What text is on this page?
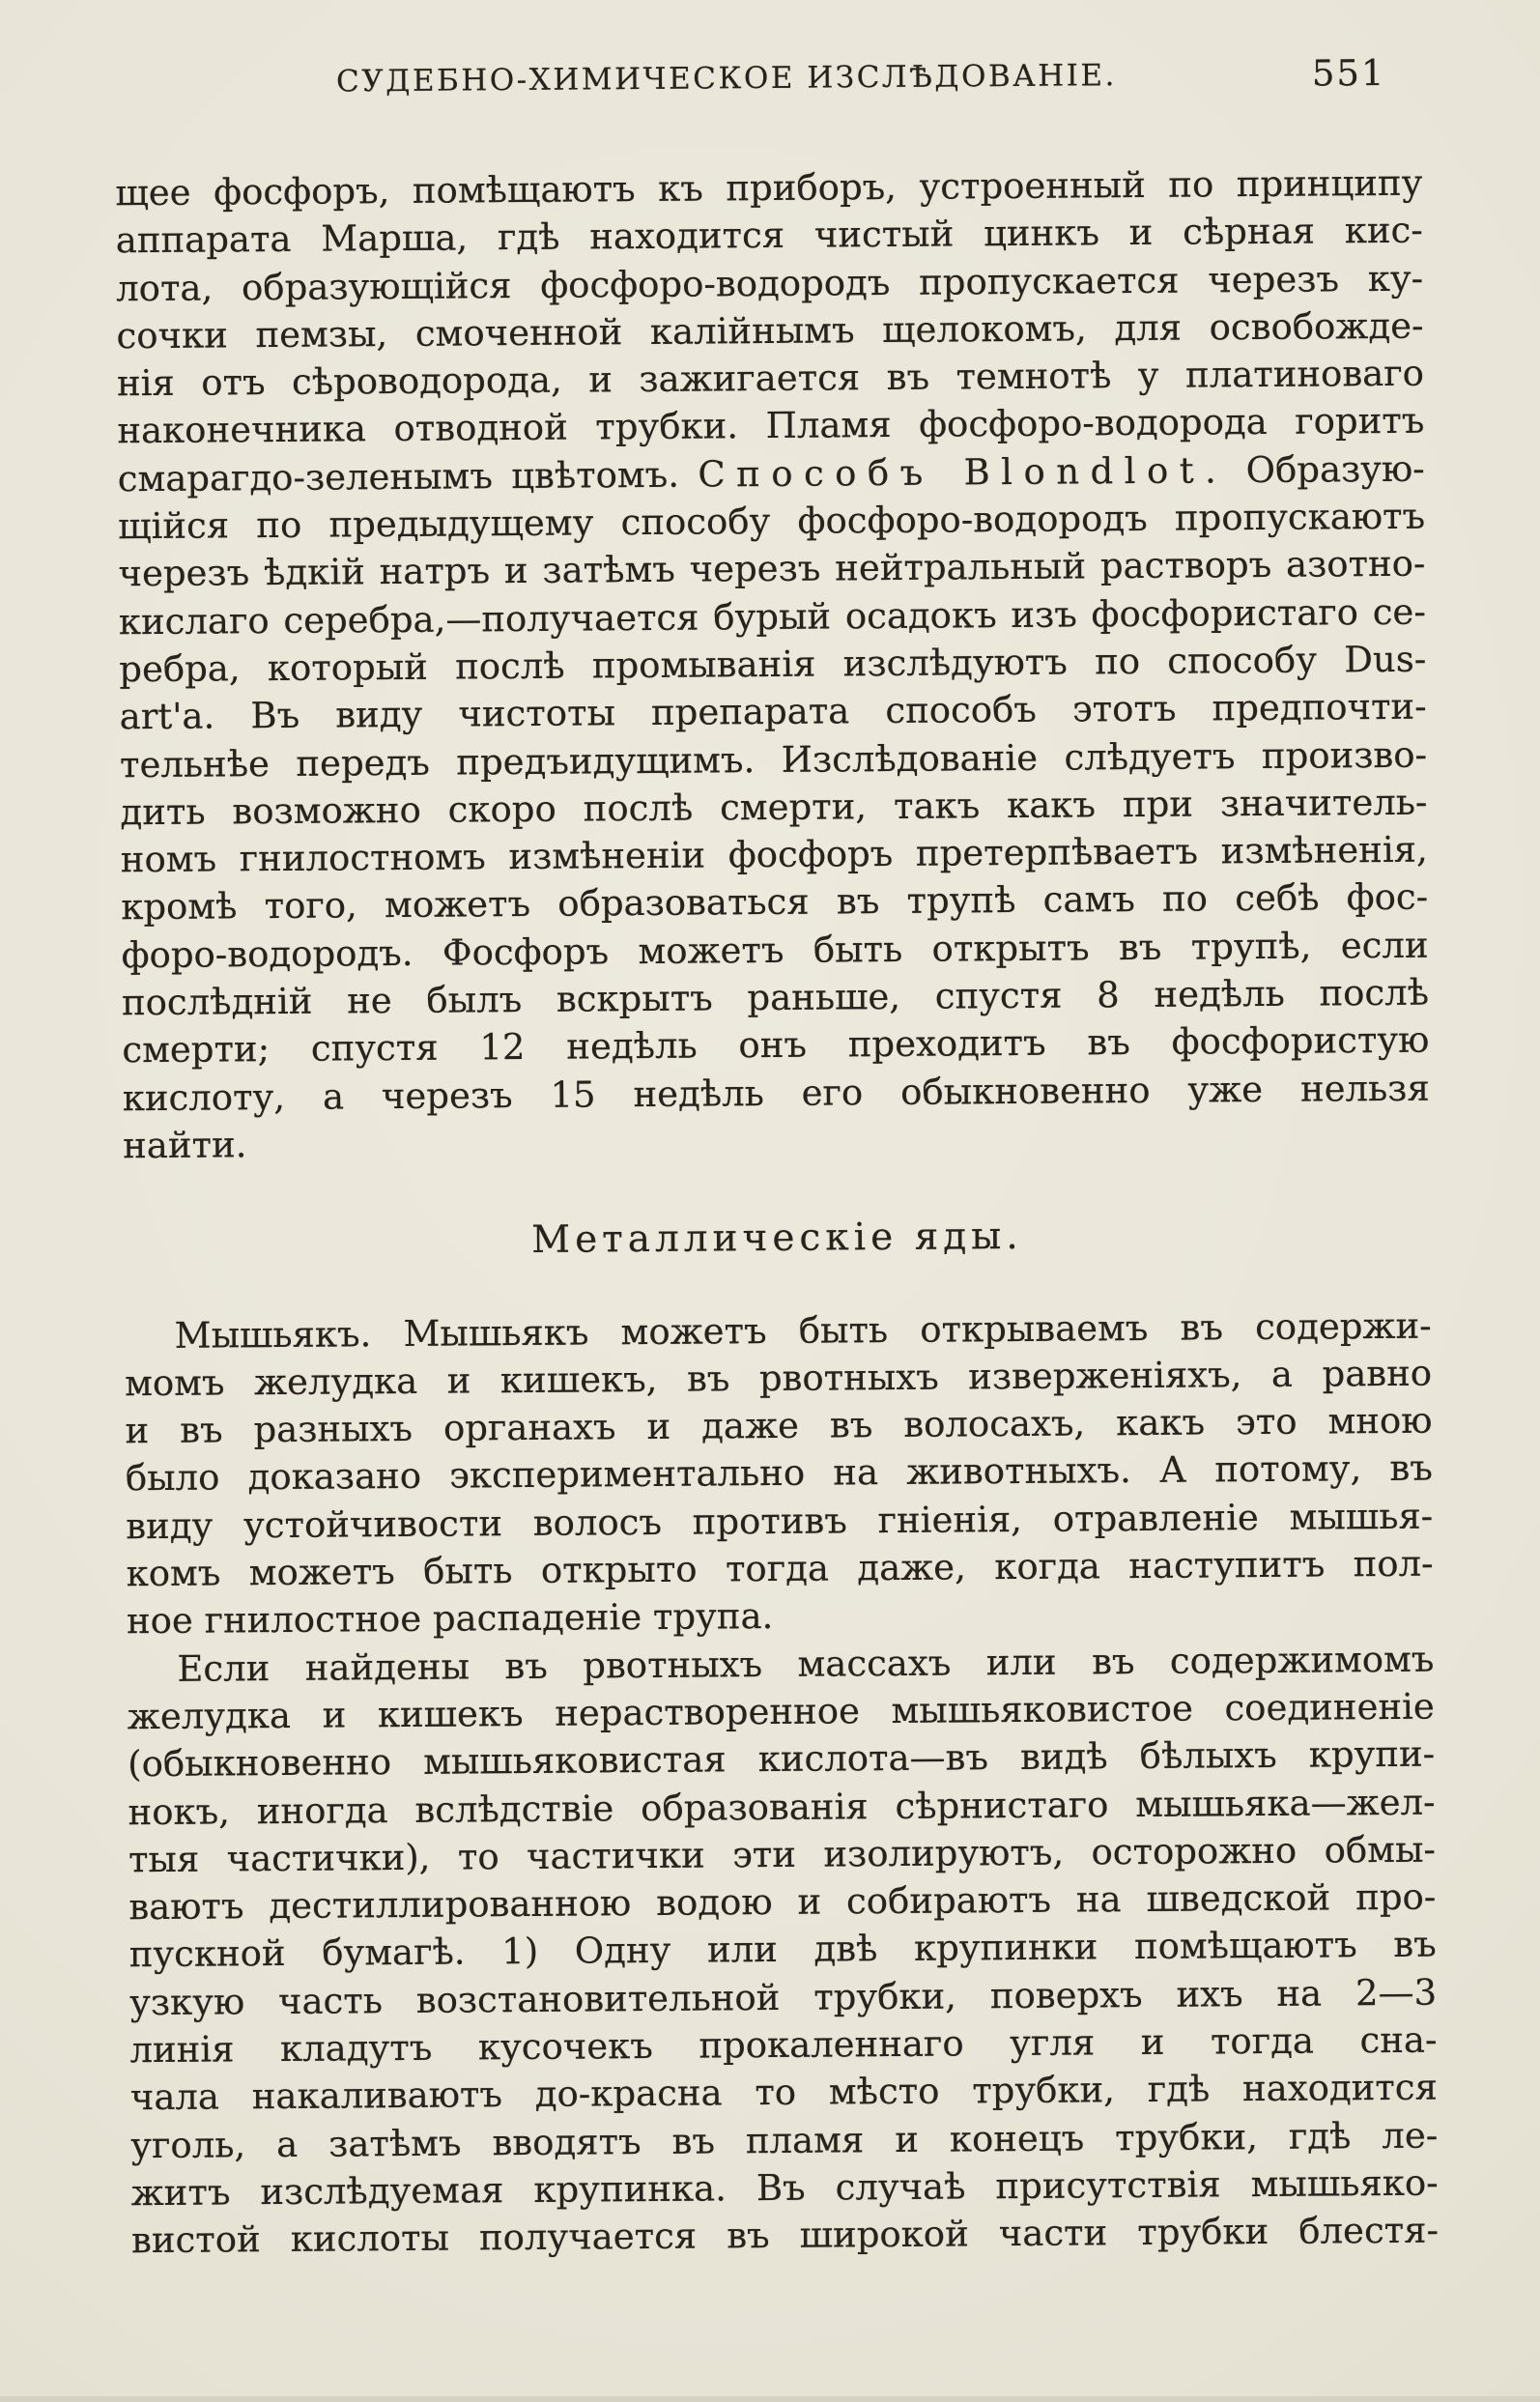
СУДЕБНО-ХИМИЧЕСКОЕ ИЗСЛѢДОВАНІЕ.	551
щее фосфоръ, помѣщаютъ къ приборъ, устроенный по принципу
аппарата Марша, гдѣ находится чистый цинкъ и сѣрная кис-
лота, образующійся фосфоро-водородъ пропускается черезъ ку-
сочки пемзы, смоченной калійнымъ щелокомъ, для освобожде-
нія отъ сѣроводорода, и зажигается въ темнотѣ у платиноваго
наконечника отводной трубки. Пламя фосфоро-водорода горитъ
смарагдо-зеленымъ цвѣтомъ. Способъ Blondlot. Образую-
щійся по предыдущему способу фосфоро-водородъ пропускаютъ
черезъ ѣдкій натръ и затѣмъ черезъ нейтральный растворъ азотно-
кислаго серебра,—получается бурый осадокъ изъ фосфористаго се-
ребра, который послѣ промыванія изслѣдуютъ по способу Dus-
art'a. Въ виду чистоты препарата способъ этотъ предпочти-
тельнѣе передъ предъидущимъ. Изслѣдованіе слѣдуетъ произво-
дить возможно скоро послѣ смерти, такъ какъ при значитель-
номъ гнилостномъ измѣненіи фосфоръ претерпѣваетъ измѣненія,
кромѣ того, можетъ образоваться въ трупѣ самъ по себѣ фос-
форо-водородъ. Фосфоръ можетъ быть открытъ въ трупѣ, если
послѣдній не былъ вскрытъ раньше, спустя 8 недѣль послѣ
смерти; спустя 12 недѣль онъ преходитъ въ фосфористую
кислоту, а черезъ 15 недѣль его обыкновенно уже нельзя
найти.
Металлическіе яды.
Мышьякъ. Мышьякъ можетъ быть открываемъ въ содержи-
момъ желудка и кишекъ, въ рвотныхъ изверженіяхъ, а равно
и въ разныхъ органахъ и даже въ волосахъ, какъ это мною
было доказано экспериментально на животныхъ. А потому, въ
виду устойчивости волосъ противъ гніенія, отравленіе мышья-
комъ можетъ быть открыто тогда даже, когда наступитъ пол-
ное гнилостное распаденіе трупа.
Если найдены въ рвотныхъ массахъ или въ содержимомъ
желудка и кишекъ нерастворенное мышьяковистое соединеніе
(обыкновенно мышьяковистая кислота—въ видѣ бѣлыхъ крупи-
нокъ, иногда вслѣдствіе образованія сѣрнистаго мышьяка—жел-
тыя частички), то частички эти изолируютъ, осторожно обмы-
ваютъ дестиллированною водою и собираютъ на шведской про-
пускной бумагѣ. 1) Одну или двѣ крупинки помѣщаютъ въ
узкую часть возстановительной трубки, поверхъ ихъ на 2—3
линія кладутъ кусочекъ прокаленнаго угля и тогда сна-
чала накаливаютъ до-красна то мѣсто трубки, гдѣ находится
уголь, а затѣмъ вводятъ въ пламя и конецъ трубки, гдѣ ле-
житъ изслѣдуемая крупинка. Въ случаѣ присутствія мышьяко-
вистой кислоты получается въ широкой части трубки блестя-
